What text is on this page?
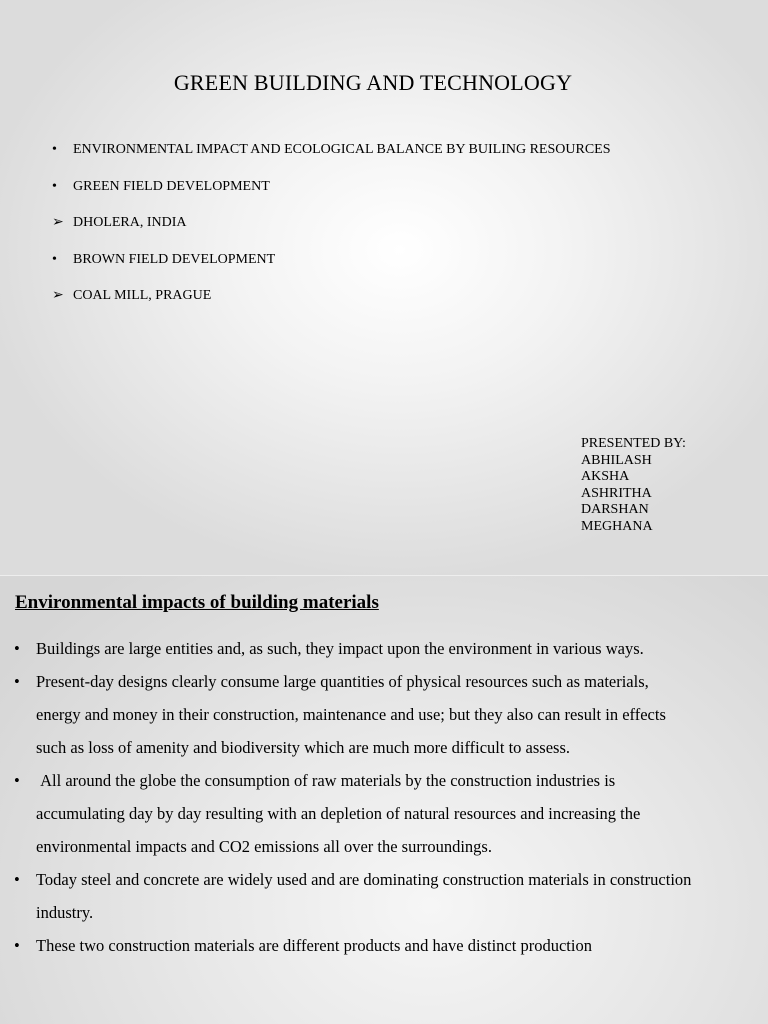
GREEN BUILDING AND TECHNOLOGY
•	ENVIRONMENTAL IMPACT AND ECOLOGICAL BALANCE BY BUILING RESOURCES
•	GREEN FIELD DEVELOPMENT
➢ DHOLERA, INDIA
•	BROWN FIELD DEVELOPMENT
➢ COAL MILL, PRAGUE
PRESENTED BY:
ABHILASH
AKSHA
ASHRITHA
DARSHAN
MEGHANA
Environmental impacts of building materials
• Buildings are large entities and, as such, they impact upon the environment in various ways.
• Present-day designs clearly consume large quantities of physical resources such as materials, energy and money in their construction, maintenance and use; but they also can result in effects such as loss of amenity and biodiversity which are much more difficult to assess.
• All around the globe the consumption of raw materials by the construction industries is accumulating day by day resulting with an depletion of natural resources and increasing the  environmental impacts and CO2 emissions all over the surroundings.
• Today steel and concrete are widely used and are dominating construction materials in construction industry.
• These two construction materials are different products and have distinct production
